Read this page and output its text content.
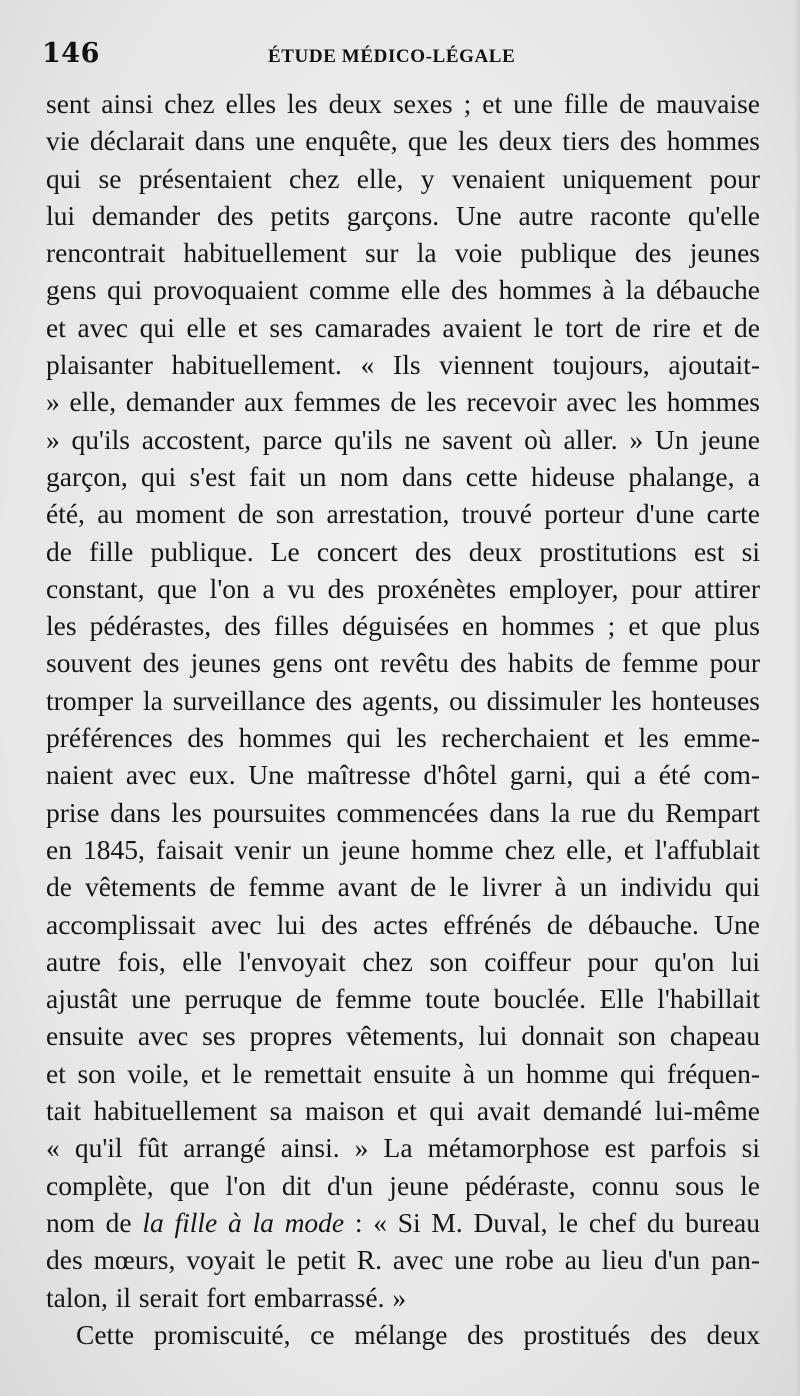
146	ÉTUDE MÉDICO-LÉGALE
sent ainsi chez elles les deux sexes ; et une fille de mauvaise
vie déclarait dans une enquête, que les deux tiers des hommes
qui se présentaient chez elle, y venaient uniquement pour
lui demander des petits garçons. Une autre raconte qu'elle
rencontrait habituellement sur la voie publique des jeunes
gens qui provoquaient comme elle des hommes à la débauche
et avec qui elle et ses camarades avaient le tort de rire et de
plaisanter habituellement. « Ils viennent toujours, ajoutait-
» elle, demander aux femmes de les recevoir avec les hommes
» qu'ils accostent, parce qu'ils ne savent où aller. » Un jeune
garçon, qui s'est fait un nom dans cette hideuse phalange, a
été, au moment de son arrestation, trouvé porteur d'une carte
de fille publique. Le concert des deux prostitutions est si
constant, que l'on a vu des proxénètes employer, pour attirer
les pédérastes, des filles déguisées en hommes ; et que plus
souvent des jeunes gens ont revêtu des habits de femme pour
tromper la surveillance des agents, ou dissimuler les honteuses
préférences des hommes qui les recherchaient et les emme-
naient avec eux. Une maîtresse d'hôtel garni, qui a été com-
prise dans les poursuites commencées dans la rue du Rempart
en 1845, faisait venir un jeune homme chez elle, et l'affublait
de vêtements de femme avant de le livrer à un individu qui
accomplissait avec lui des actes effrénés de débauche. Une
autre fois, elle l'envoyait chez son coiffeur pour qu'on lui
ajustât une perruque de femme toute bouclée. Elle l'habillait
ensuite avec ses propres vêtements, lui donnait son chapeau
et son voile, et le remettait ensuite à un homme qui fréquen-
tait habituellement sa maison et qui avait demandé lui-même
« qu'il fût arrangé ainsi. » La métamorphose est parfois si
complète, que l'on dit d'un jeune pédéraste, connu sous le
nom de la fille à la mode : « Si M. Duval, le chef du bureau
des mœurs, voyait le petit R. avec une robe au lieu d'un pan-
talon, il serait fort embarrassé. »
Cette promiscuité, ce mélange des prostitués des deux
